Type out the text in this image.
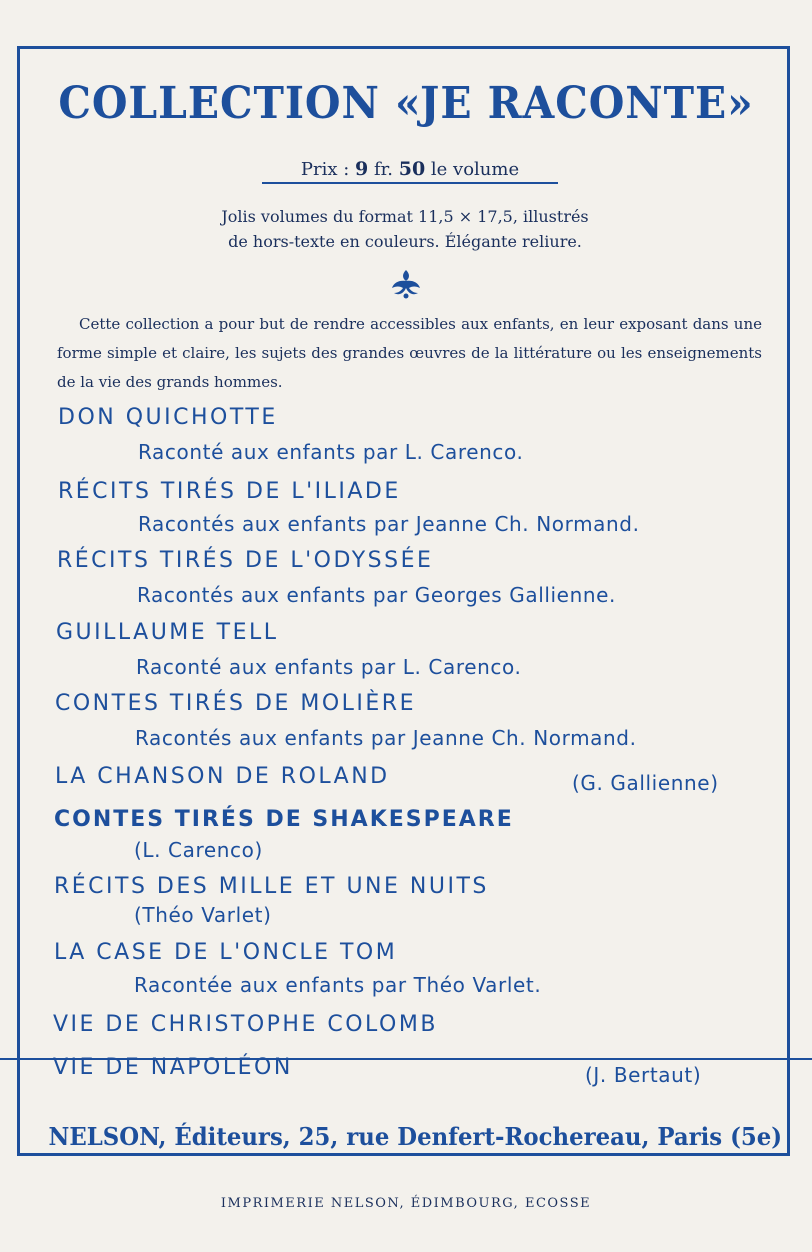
COLLECTION «JE RACONTE»
Prix : 9 fr. 50 le volume
Jolis volumes du format 11,5 × 17,5, illustrés
de hors-texte en couleurs. Élégante reliure.
Cette collection a pour but de rendre accessibles aux enfants, en leur exposant dans une forme simple et claire, les sujets des grandes œuvres de la littérature ou les enseignements de la vie des grands hommes.
DON QUICHOTTE
Raconté aux enfants par L. Carenco.
RÉCITS TIRÉS DE L'ILIADE
Racontés aux enfants par Jeanne Ch. Normand.
RÉCITS TIRÉS DE L'ODYSSÉE
Racontés aux enfants par Georges Gallienne.
GUILLAUME TELL
Raconté aux enfants par L. Carenco.
CONTES TIRÉS DE MOLIÈRE
Racontés aux enfants par Jeanne Ch. Normand.
LA CHANSON DE ROLAND	(G. Gallienne)
CONTES TIRÉS DE SHAKESPEARE
(L. Carenco)
RÉCITS DES MILLE ET UNE NUITS
(Théo Varlet)
LA CASE DE L'ONCLE TOM
Racontée aux enfants par Théo Varlet.
VIE DE CHRISTOPHE COLOMB
VIE DE NAPOLÉON	(J. Bertaut)
NELSON, Éditeurs, 25, rue Denfert-Rochereau, Paris (5e)
IMPRIMERIE NELSON, ÉDIMBOURG, ECOSSE
